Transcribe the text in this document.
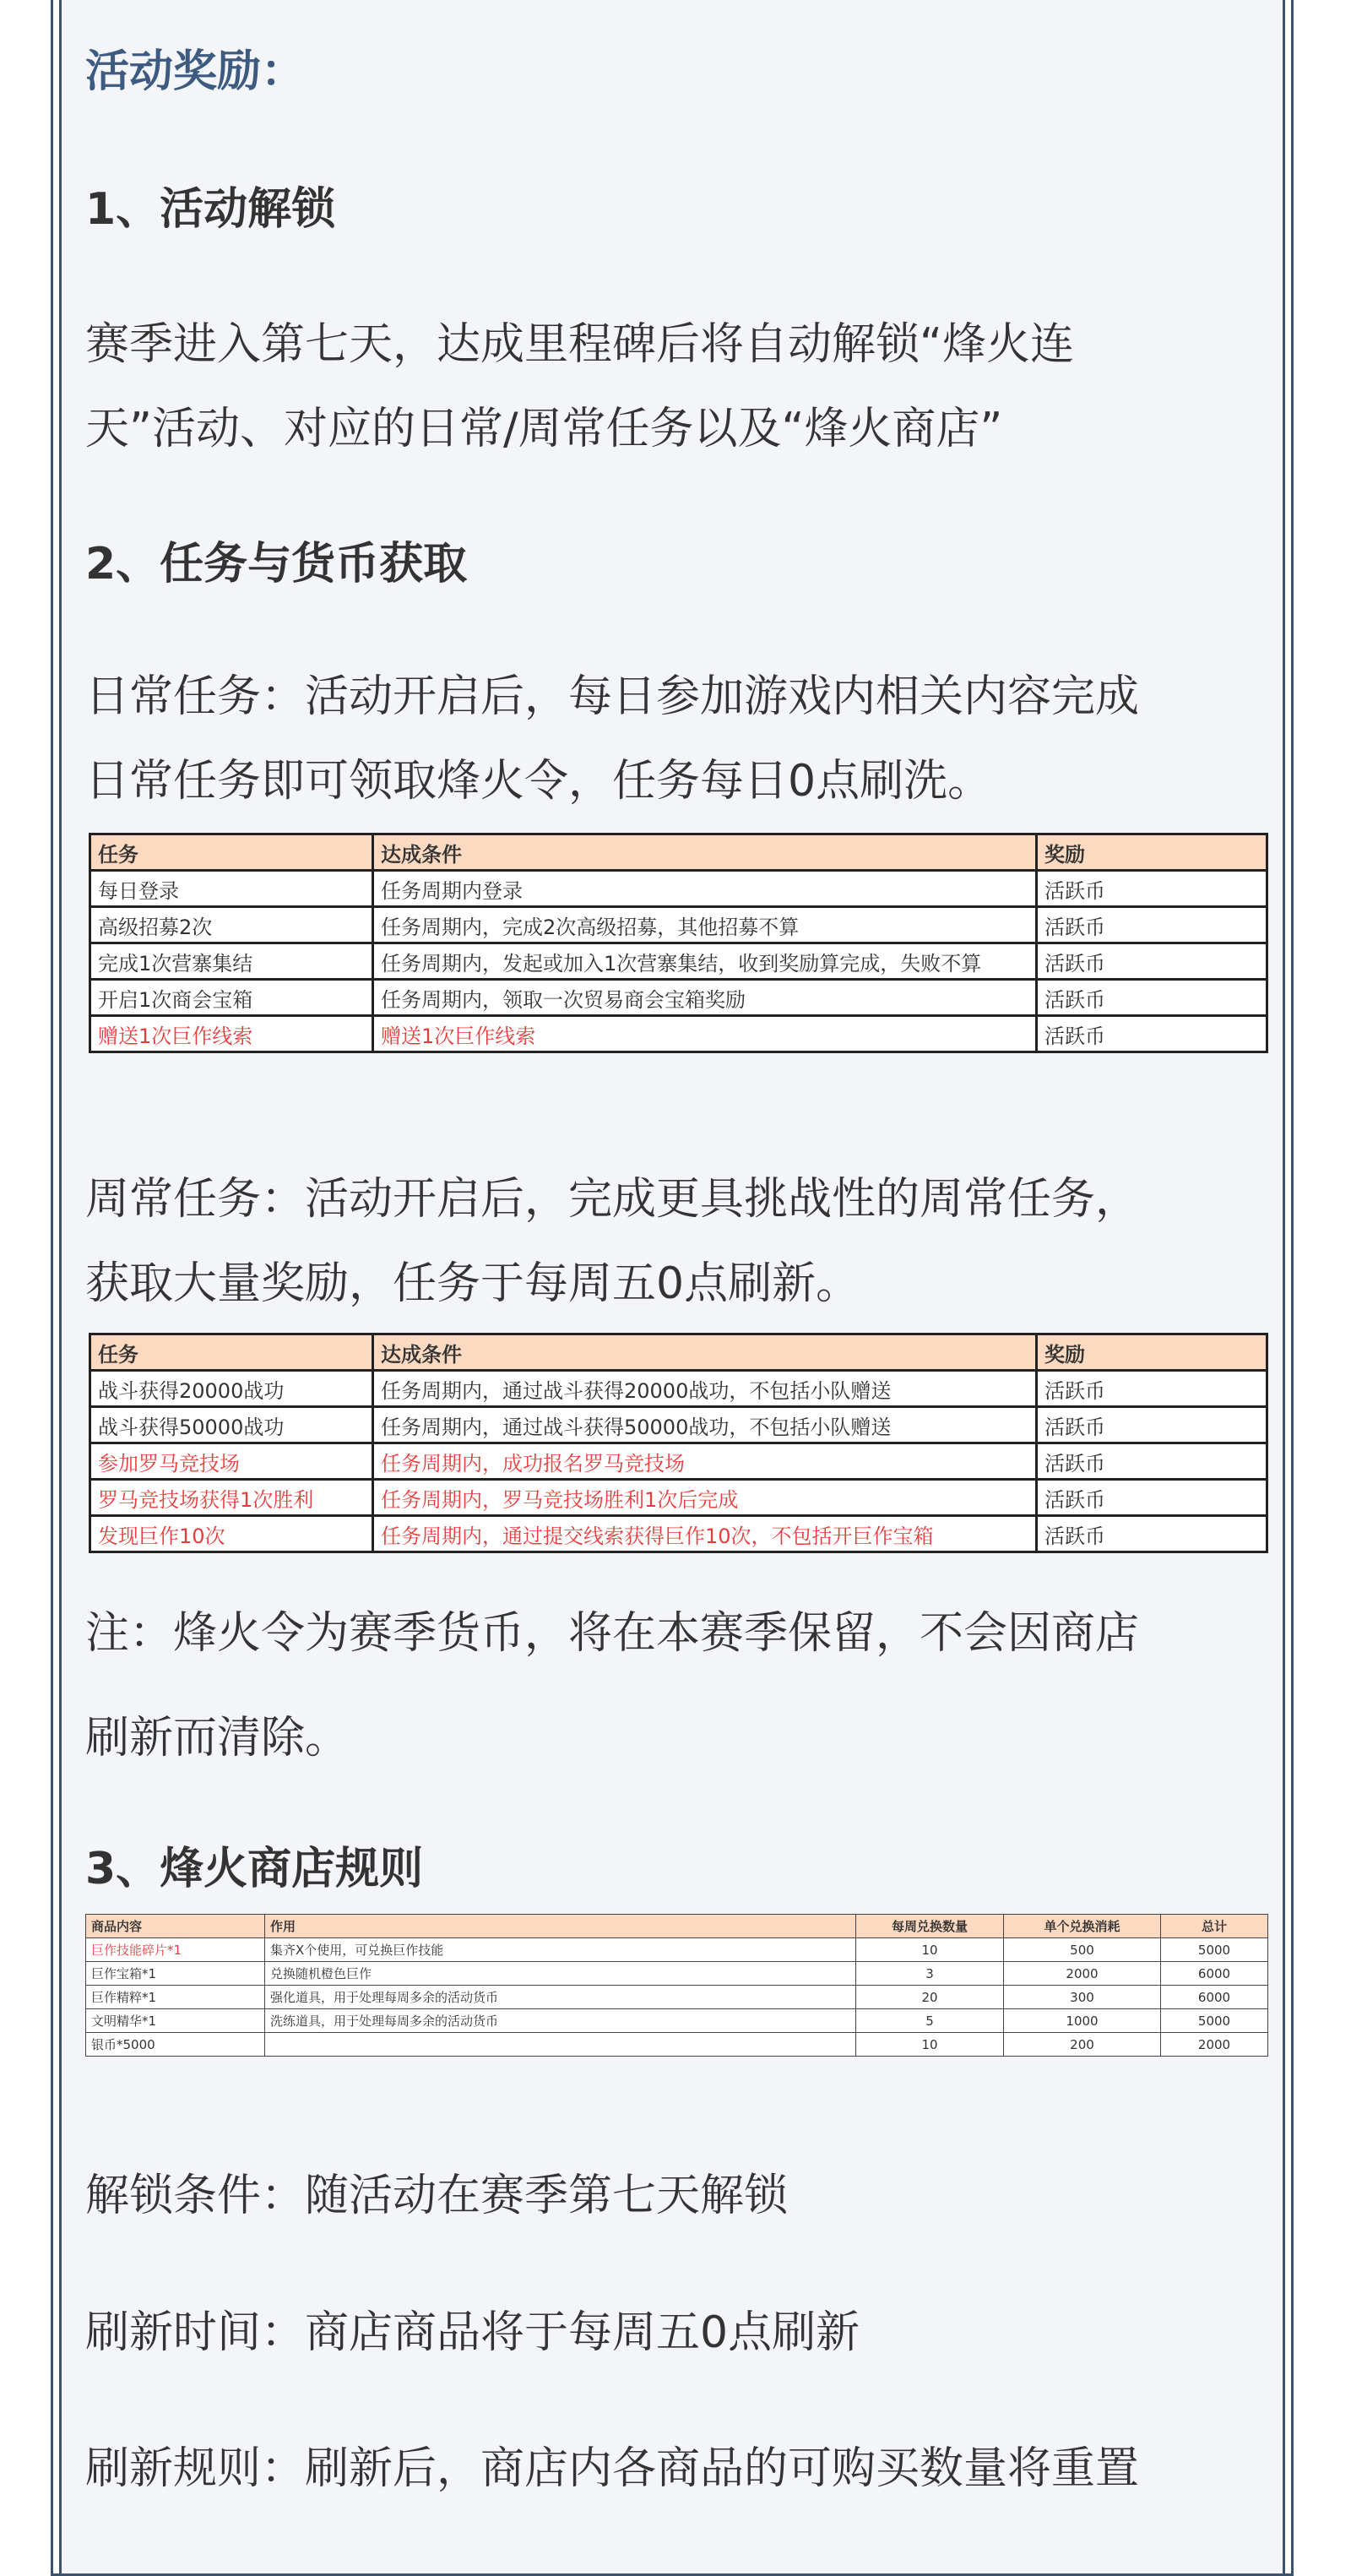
活动奖励：
1、活动解锁
赛季进入第七天，达成里程碑后将自动解锁“烽火连
天”活动、对应的日常/周常任务以及“烽火商店”
2、任务与货币获取
日常任务：活动开启后，每日参加游戏内相关内容完成
日常任务即可领取烽火令，任务每日0点刷洗。
任务	达成条件	奖励
每日登录	任务周期内登录	活跃币
高级招募2次	任务周期内，完成2次高级招募，其他招募不算	活跃币
完成1次营寨集结	任务周期内，发起或加入1次营寨集结，收到奖励算完成，失败不算	活跃币
开启1次商会宝箱	任务周期内，领取一次贸易商会宝箱奖励	活跃币
赠送1次巨作线索	赠送1次巨作线索	活跃币
周常任务：活动开启后，完成更具挑战性的周常任务，
获取大量奖励，任务于每周五0点刷新。
任务	达成条件	奖励
战斗获得20000战功	任务周期内，通过战斗获得20000战功，不包括小队赠送	活跃币
战斗获得50000战功	任务周期内，通过战斗获得50000战功，不包括小队赠送	活跃币
参加罗马竞技场	任务周期内，成功报名罗马竞技场	活跃币
罗马竞技场获得1次胜利	任务周期内，罗马竞技场胜利1次后完成	活跃币
发现巨作10次	任务周期内，通过提交线索获得巨作10次，不包括开巨作宝箱	活跃币
注：烽火令为赛季货币，将在本赛季保留，不会因商店
刷新而清除。
3、烽火商店规则
商品内容	作用	每周兑换数量	单个兑换消耗	总计
巨作技能碎片*1	集齐X个使用，可兑换巨作技能	10	500	5000
巨作宝箱*1	兑换随机橙色巨作	3	2000	6000
巨作精粹*1	强化道具，用于处理每周多余的活动货币	20	300	6000
文明精华*1	洗练道具，用于处理每周多余的活动货币	5	1000	5000
银币*5000		10	200	2000
解锁条件：随活动在赛季第七天解锁
刷新时间：商店商品将于每周五0点刷新
刷新规则：刷新后，商店内各商品的可购买数量将重置
